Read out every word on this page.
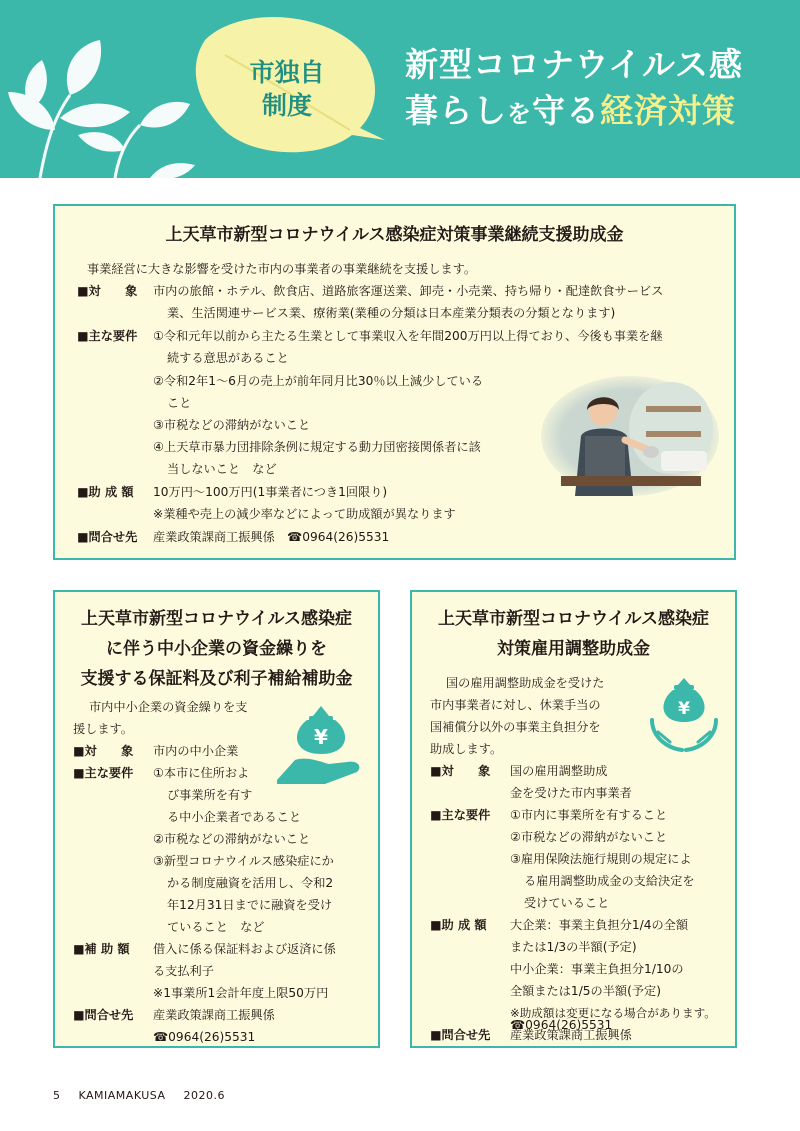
市独自
制度
新型コロナウイルス感
暮らしを守る経済対策
上天草市新型コロナウイルス感染症対策事業継続支援助成金
事業経営に大きな影響を受けた市内の事業者の事業継続を支援します。
■対　　象 市内の旅館・ホテル、飲食店、道路旅客運送業、卸売・小売業、持ち帰り・配達飲食サービス
業、生活関連サービス業、療術業(業種の分類は日本産業分類表の分類となります)
■主な要件 ①令和元年以前から主たる生業として事業収入を年間200万円以上得ており、今後も事業を継
続する意思があること
②令和2年1～6月の売上が前年同月比30％以上減少している
こと
③市税などの滞納がないこと
④上天草市暴力団排除条例に規定する動力団密接関係者に該
当しないこと　など
■助 成 額 10万円～100万円(1事業者につき1回限り)
※業種や売上の減少率などによって助成額が異なります
■問合せ先 産業政策課商工振興係　☎0964(26)5531
上天草市新型コロナウイルス感染症
に伴う中小企業の資金繰りを
支援する保証料及び利子補給補助金
市内中小企業の資金繰りを支
援します。	¥
■対　　象 市内の中小企業
■主な要件 ①本市に住所およ
び事業所を有す
る中小企業者であること
②市税などの滞納がないこと
③新型コロナウイルス感染症にか
かる制度融資を活用し、令和2
年12月31日までに融資を受け
ていること　など
■補 助 額 借入に係る保証料および返済に係
る支払利子
※1事業所1会計年度上限50万円
■問合せ先 産業政策課商工振興係
☎0964(26)5531
上天草市新型コロナウイルス感染症
対策雇用調整助成金
国の雇用調整助成金を受けた
市内事業者に対し、休業手当の
国補償分以外の事業主負担分を
助成します。
¥
■対　　象 国の雇用調整助成
金を受けた市内事業者
■主な要件 ①市内に事業所を有すること
②市税などの滞納がないこと
③雇用保険法施行規則の規定によ
る雇用調整助成金の支給決定を
受けていること
■助 成 額 大企業：事業主負担分1/4の全額
または1/3の半額(予定)
中小企業：事業主負担分1/10の
全額または1/5の半額(予定)
※助成額は変更になる場合があります。
■問合せ先 産業政策課商工振興係
☎0964(26)5531
5 KAMIAMAKUSA 2020.6
